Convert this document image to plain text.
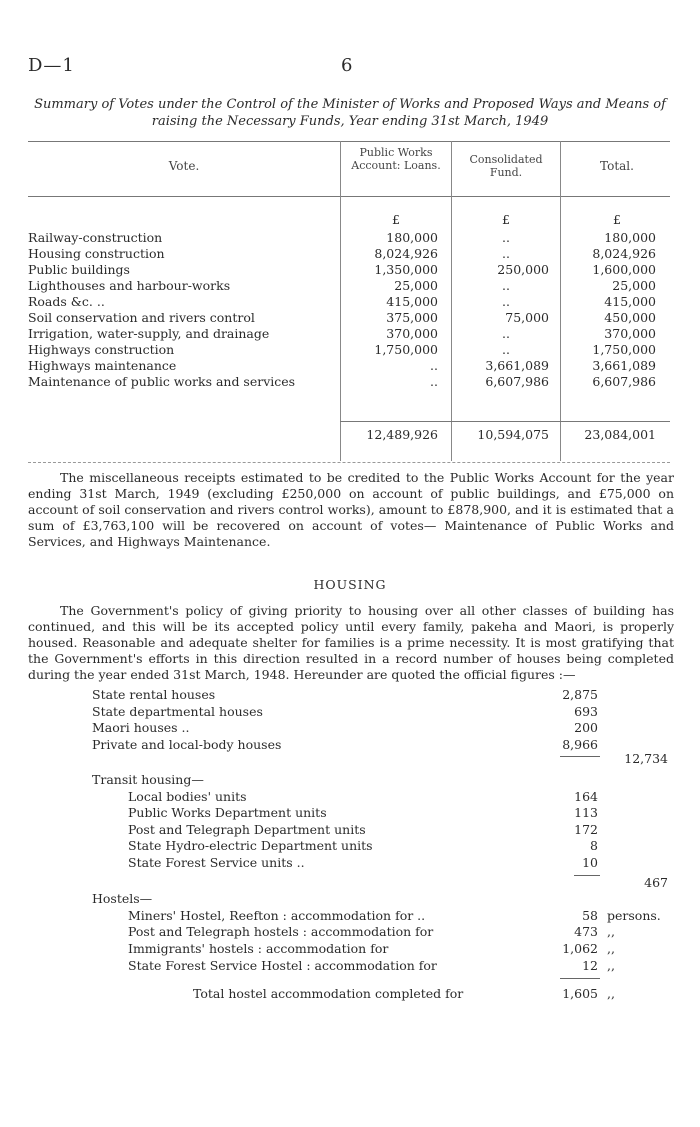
D—1	6
Summary of Votes under the Control of the Minister of Works and Proposed Ways and Means of raising the Necessary Funds, Year ending 31st March, 1949
Vote.
Public Works Account: Loans.	Consolidated Fund.	Total.
£	£	£
Railway-construction	180,000	..	180,000
Housing construction	8,024,926	..	8,024,926
Public buildings	1,350,000	250,000	1,600,000
Lighthouses and harbour-works	25,000	..	25,000
Roads &c. ..	415,000	..	415,000
Soil conservation and rivers control	375,000	75,000	450,000
Irrigation, water-supply, and drainage	370,000	..	370,000
Highways construction	1,750,000	..	1,750,000
Highways maintenance	..	3,661,089	3,661,089
Maintenance of public works and services	..	6,607,986	6,607,986
12,489,926	10,594,075	23,084,001
The miscellaneous receipts estimated to be credited to the Public Works Account for the year ending 31st March, 1949 (excluding £250,000 on account of public buildings, and £75,000 on account of soil conservation and rivers control works), amount to £878,900, and it is estimated that a sum of £3,763,100 will be recovered on account of votes— Maintenance of Public Works and Services, and Highways Maintenance.
HOUSING
The Government's policy of giving priority to housing over all other classes of building has continued, and this will be its accepted policy until every family, pakeha and Maori, is properly housed. Reasonable and adequate shelter for families is a prime necessity. It is most gratifying that the Government's efforts in this direction resulted in a record number of houses being completed during the year ended 31st March, 1948. Hereunder are quoted the official figures :—
State rental houses	2,875
State departmental houses	693
Maori houses ..	200
Private and local-body houses	8,966
12,734
Transit housing—
Local bodies' units	164
Public Works Department units	113
Post and Telegraph Department units	172
State Hydro-electric Department units	8
State Forest Service units ..	10
467
Hostels—
Miners' Hostel, Reefton : accommodation for ..	58 persons.
Post and Telegraph hostels : accommodation for	473 ,,
Immigrants' hostels : accommodation for	1,062 ,,
State Forest Service Hostel : accommodation for	12 ,,
Total hostel accommodation completed for	1,605 ,,
